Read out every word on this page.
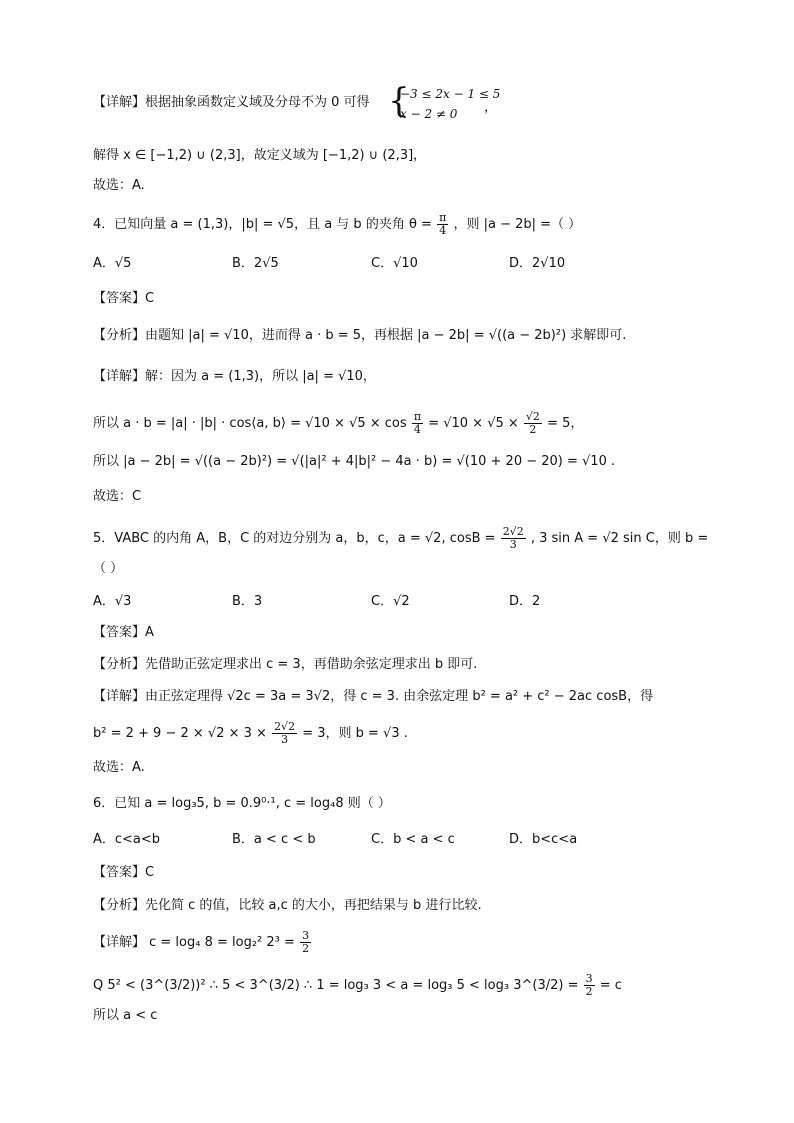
【详解】根据抽象函数定义域及分母不为 0 可得 {
−3 ≤ 2x − 1 ≤ 5
x − 2 ≠ 0 ，
解得 x ∈ [−1,2) ∪ (2,3]，故定义域为 [−1,2) ∪ (2,3]，
故选：A.
4．已知向量 a = (1,3)，|b| = √5，且 a 与 b 的夹角 $\theta = \frac{\pi}{4}$ ，则 |a − 2b| =（ ）
A．√5	B．2√5	C．√10	D．2√10
【答案】C
【分析】由题知 |a| = √10，进而得 a · b = 5，再根据 |a − 2b| = √((a − 2b)²) 求解即可.
【详解】解：因为 a = (1,3)，所以 |a| = √10，
所以 a · b = |a| · |b| · cos⟨a, b⟩ = $√10 \times √5 \times \cos \frac{\pi}{4} = √10 \times √5 \times \frac{√2}{2} = 5$，
所以 |a − 2b| = √((a − 2b)²) = √(|a|² + 4|b|² − 4a · b) = √(10 + 20 − 20) = √10 .
故选：C
5．VABC 的内角 A，B，C 的对边分别为 a，b，c，a = √2, $\cos B = \frac{2√2}{3}$ , 3 sin A = √2 sin C，则 b =
（ ）
A．√3	B．3	C．√2	D．2
【答案】A
【分析】先借助正弦定理求出 c = 3，再借助余弦定理求出 b 即可.
【详解】由正弦定理得 √2c = 3a = 3√2，得 c = 3. 由余弦定理 b² = a² + c² − 2ac cosB，得
$b^2 = 2 + 9 - 2 \times √2 \times 3 \times \frac{2√2}{3} = 3$，则 b = √3 .
故选：A.
6．已知 a = log₃5, b = 0.9⁰·¹, c = log₄8 则（ ）
A．c<a<b	B．a < c < b	C．b < a < c	D．b<c<a
【答案】C
【分析】先化简 c 的值，比较 a,c 的大小，再把结果与 b 进行比较.
【详解】 c = log₄ 8 = log₂² $2^3 = \frac{3}{2}$
Q 5² < (3^(3/2))² ∴ 5 < 3^(3/2) ∴ 1 = log₃ 3 < a = log₃ 5 < log₃ 3^(3/2) = $\frac{3}{2} = c$
所以 a < c
